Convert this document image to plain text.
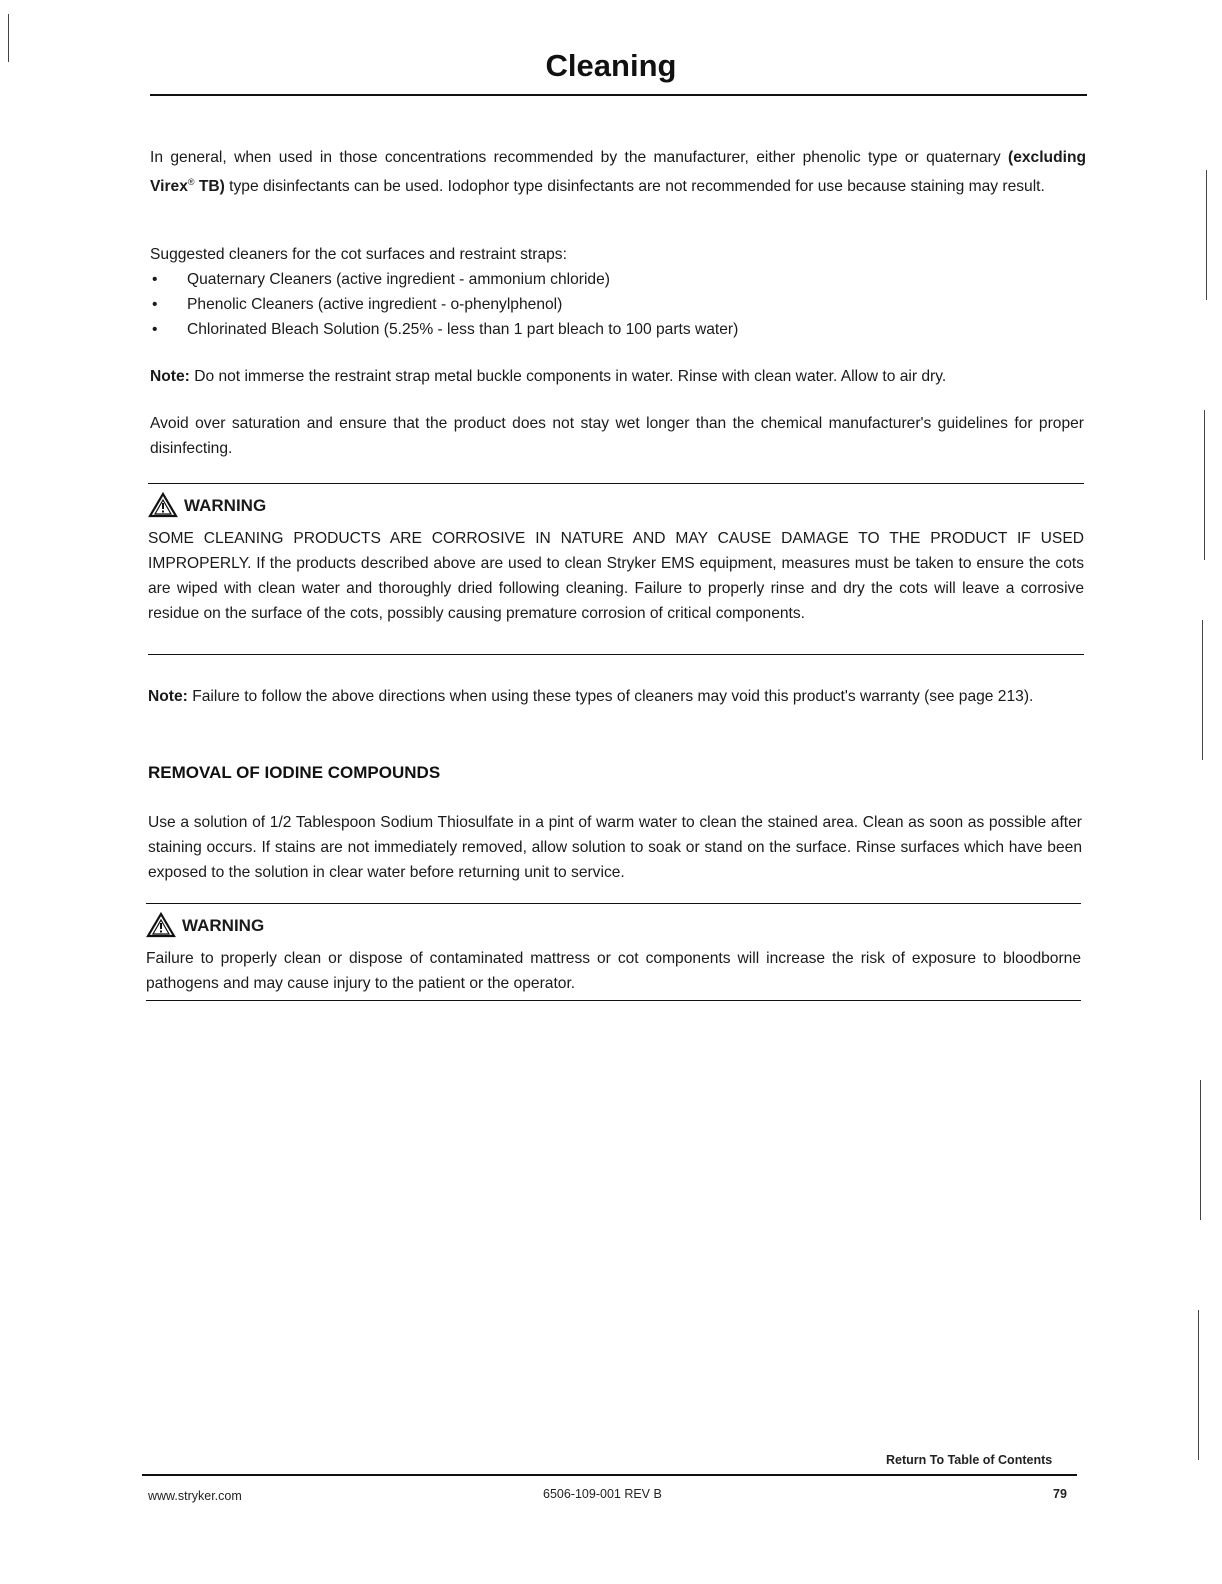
Cleaning

In general, when used in those concentrations recommended by the manufacturer, either phenolic type or quaternary (excluding Virex® TB) type disinfectants can be used. Iodophor type disinfectants are not recommended for use because staining may result.

Suggested cleaners for the cot surfaces and restraint straps:

• Quaternary Cleaners (active ingredient - ammonium chloride)
• Phenolic Cleaners (active ingredient - o-phenylphenol)
• Chlorinated Bleach Solution (5.25% - less than 1 part bleach to 100 parts water)

Note: Do not immerse the restraint strap metal buckle components in water. Rinse with clean water. Allow to air dry.

Avoid over saturation and ensure that the product does not stay wet longer than the chemical manufacturer's guidelines for proper disinfecting.

WARNING

SOME CLEANING PRODUCTS ARE CORROSIVE IN NATURE AND MAY CAUSE DAMAGE TO THE PRODUCT IF USED IMPROPERLY. If the products described above are used to clean Stryker EMS equipment, measures must be taken to ensure the cots are wiped with clean water and thoroughly dried following cleaning. Failure to properly rinse and dry the cots will leave a corrosive residue on the surface of the cots, possibly causing premature corrosion of critical components.

Note: Failure to follow the above directions when using these types of cleaners may void this product's warranty (see page 213).

REMOVAL OF IODINE COMPOUNDS

Use a solution of 1/2 Tablespoon Sodium Thiosulfate in a pint of warm water to clean the stained area. Clean as soon as possible after staining occurs. If stains are not immediately removed, allow solution to soak or stand on the surface. Rinse surfaces which have been exposed to the solution in clear water before returning unit to service.

WARNING

Failure to properly clean or dispose of contaminated mattress or cot components will increase the risk of exposure to bloodborne pathogens and may cause injury to the patient or the operator.

Return To Table of Contents
www.stryker.com	6506-109-001 REV B	79
